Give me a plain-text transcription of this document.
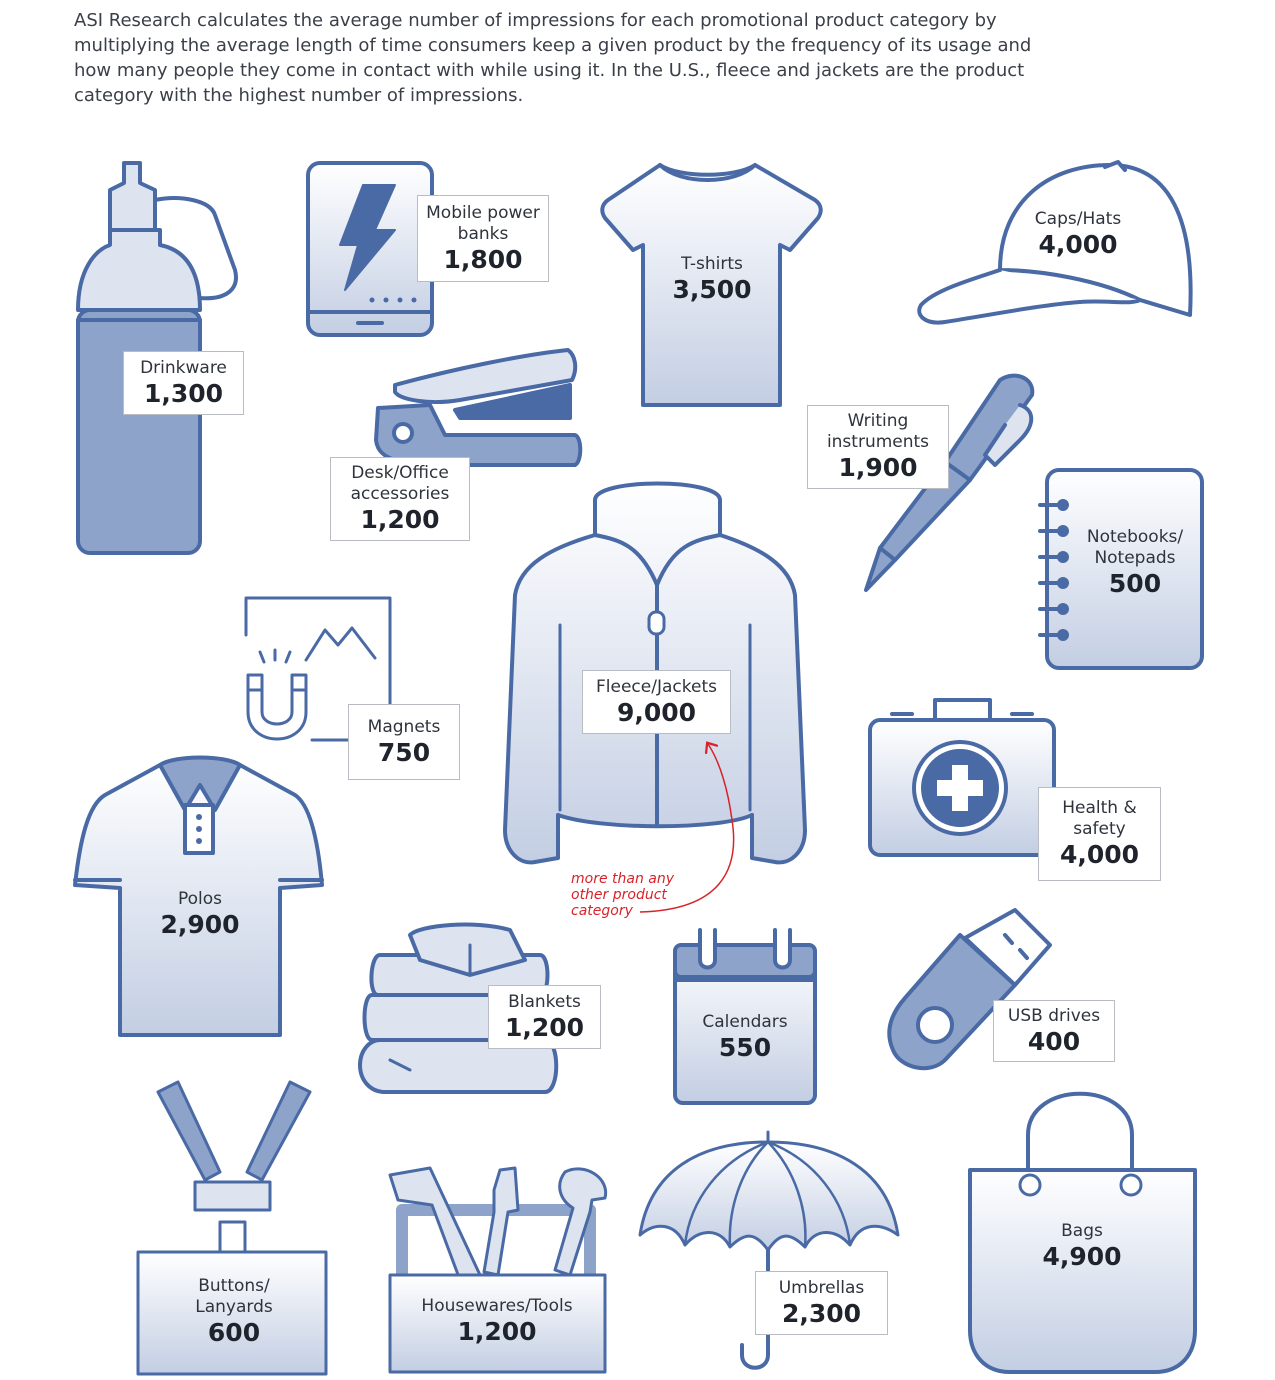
ASI Research calculates the average number of impressions for each promotional product category by multiplying the average length of time consumers keep a given product by the frequency of its usage and how many people they come in contact with while using it. In the U.S., fleece and jackets are the product category with the highest number of impressions.

Drinkware
1,300
Mobile power
banks
1,800	T-shirts
3,500
Caps/Hats
4,000
Desk/Office
accessories
1,200
Writing
instruments
1,900
Notebooks/
Notepads
500
Magnets
750
Fleece/Jackets
9,000
Health &
safety
4,000
Polos
2,900
Blankets
1,200	Calendars
550
USB drives
400
Buttons/
Lanyards
600
Housewares/Tools
1,200
Umbrellas
2,300
Bags
4,900
more than any
other product
category
